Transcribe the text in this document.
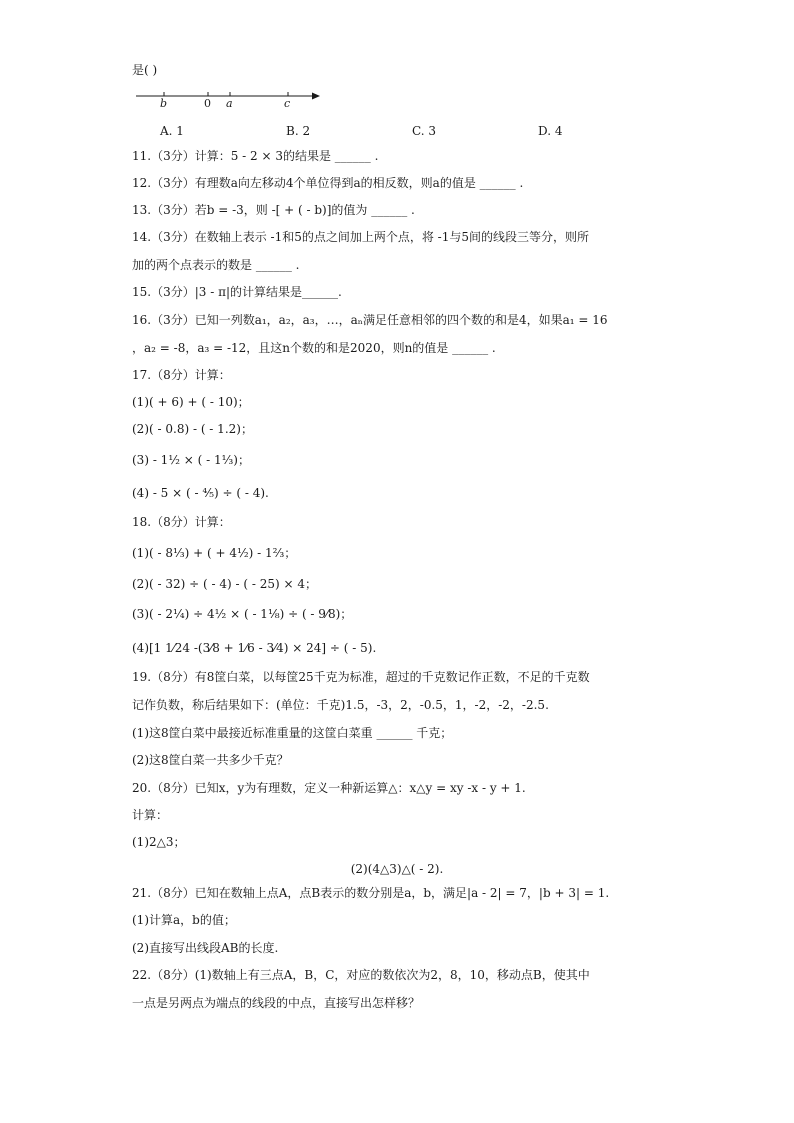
是( )
b	0 a	c
A. 1	B. 2	C. 3	D. 4
11.（3分）计算：5 - 2 × 3的结果是 ______ .
12.（3分）有理数a向左移动4个单位得到a的相反数，则a的值是 ______ .
13.（3分）若b = -3，则 -[ + ( - b)]的值为 ______ .
14.（3分）在数轴上表示 -1和5的点之间加上两个点，将 -1与5间的线段三等分，则所
加的两个点表示的数是 ______ .
15.（3分）|3 - π|的计算结果是______.
16.（3分）已知一列数a₁，a₂，a₃，…，aₙ满足任意相邻的四个数的和是4，如果a₁ = 16
，a₂ = -8，a₃ = -12，且这n个数的和是2020，则n的值是 ______ .
17.（8分）计算：
(1)( + 6) + ( - 10)；
(2)( - 0.8) - ( - 1.2)；
(3) - 1½ × ( - 1⅓)；
(4) - 5 × ( - ⅘) ÷ ( - 4).
18.（8分）计算：
(1)( - 8⅓) + ( + 4½) - 1⅔；
(2)( - 32) ÷ ( - 4) - ( - 25) × 4；
(3)( - 2¼) ÷ 4½ × ( - 1⅛) ÷ ( - 9⁄8)；
(4)[1 1⁄24 -(3⁄8 + 1⁄6 - 3⁄4) × 24] ÷ ( - 5).
19.（8分）有8筐白菜，以每筐25千克为标准，超过的千克数记作正数，不足的千克数
记作负数，称后结果如下：(单位：千克)1.5，-3，2，-0.5，1，-2，-2，-2.5.
(1)这8筐白菜中最接近标准重量的这筐白菜重 ______ 千克；
(2)这8筐白菜一共多少千克？
20.（8分）已知x，y为有理数，定义一种新运算△：x△y = xy -x - y + 1.
计算：
(1)2△3；
(2)(4△3)△( - 2).
21.（8分）已知在数轴上点A，点B表示的数分别是a，b，满足|a - 2| = 7，|b + 3| = 1.
(1)计算a，b的值；
(2)直接写出线段AB的长度.
22.（8分）(1)数轴上有三点A，B，C，对应的数依次为2，8，10，移动点B，使其中
一点是另两点为端点的线段的中点，直接写出怎样移？
